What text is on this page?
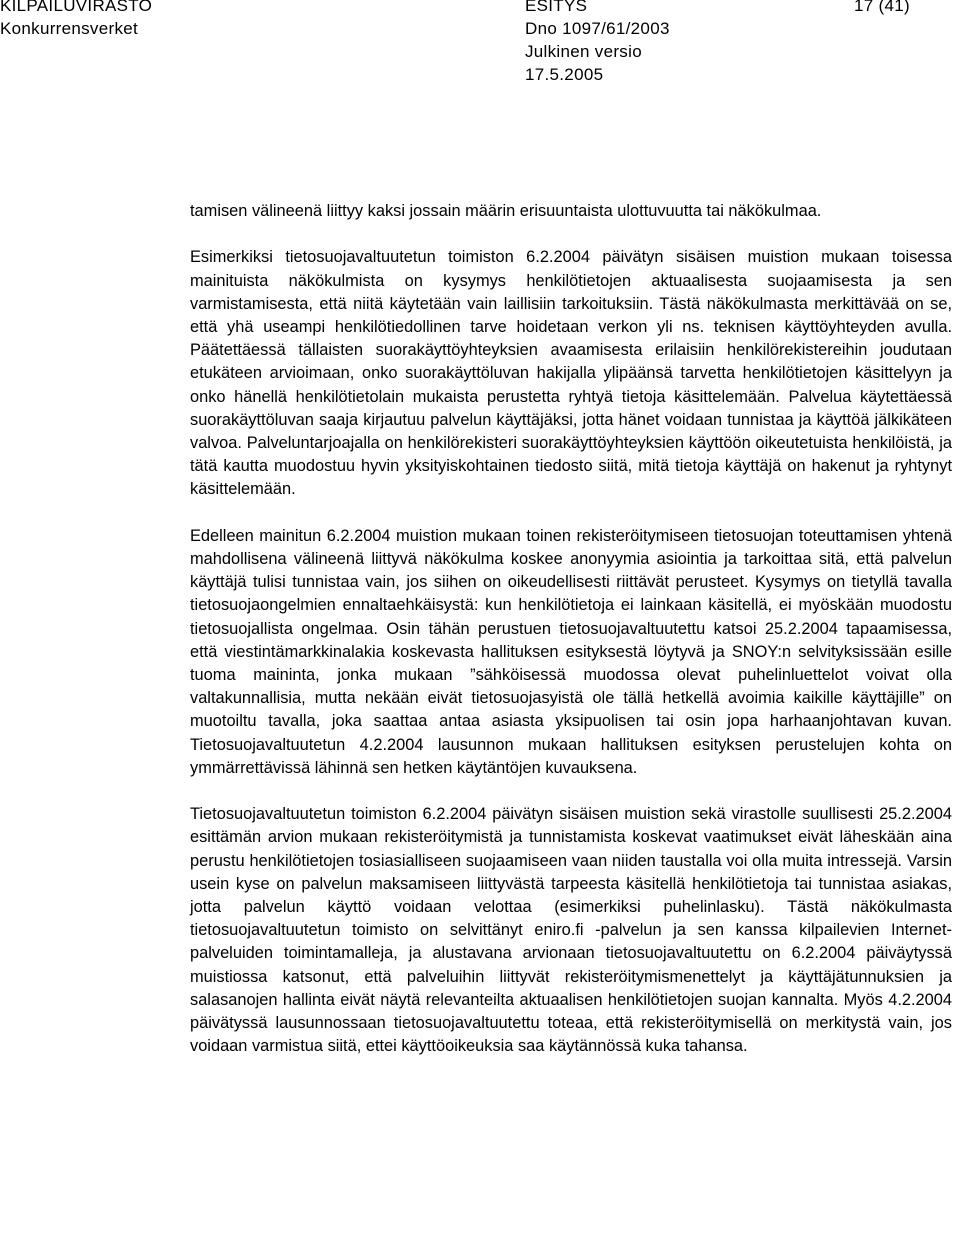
KILPAILUVIRASTO
Konkurrensverket
ESITYS
Dno 1097/61/2003
Julkinen versio
17.5.2005
17 (41)

tamisen välineenä liittyy kaksi jossain määrin erisuuntaista ulottuvuutta tai näkökulmaa.

Esimerkiksi tietosuojavaltuutetun toimiston 6.2.2004 päivätyn sisäisen muistion mukaan toisessa mainituista näkökulmista on kysymys henkilötietojen aktuaalisesta suojaamisesta ja sen varmistamisesta, että niitä käytetään vain laillisiin tarkoituksiin. Tästä näkökulmasta merkittävää on se, että yhä useampi henkilötiedollinen tarve hoidetaan verkon yli ns. teknisen käyttöyhteyden avulla. Päätettäessä tällaisten suorakäyttöyhteyksien avaamisesta erilaisiin henkilörekistereihin joudutaan etukäteen arvioimaan, onko suorakäyttöluvan hakijalla ylipäänsä tarvetta henkilötietojen käsittelyyn ja onko hänellä henkilötietolain mukaista perustetta ryhtyä tietoja käsittelemään. Palvelua käytettäessä suorakäyttöluvan saaja kirjautuu palvelun käyttäjäksi, jotta hänet voidaan tunnistaa ja käyttöä jälkikäteen valvoa. Palveluntarjoajalla on henkilörekisteri suorakäyttöyhteyksien käyttöön oikeutetuista henkilöistä, ja tätä kautta muodostuu hyvin yksityiskohtainen tiedosto siitä, mitä tietoja käyttäjä on hakenut ja ryhtynyt käsittelemään.

Edelleen mainitun 6.2.2004 muistion mukaan toinen rekisteröitymiseen tietosuojan toteuttamisen yhtenä mahdollisena välineenä liittyvä näkökulma koskee anonyymia asiointia ja tarkoittaa sitä, että palvelun käyttäjä tulisi tunnistaa vain, jos siihen on oikeudellisesti riittävät perusteet. Kysymys on tietyllä tavalla tietosuojaongelmien ennaltaehkäisystä: kun henkilötietoja ei lainkaan käsitellä, ei myöskään muodostu tietosuojallista ongelmaa. Osin tähän perustuen tietosuojavaltuutettu katsoi 25.2.2004 tapaamisessa, että viestintämarkkinalakia koskevasta hallituksen esityksestä löytyvä ja SNOY:n selvityksissään esille tuoma maininta, jonka mukaan ”sähköisessä muodossa olevat puhelinluettelot voivat olla valtakunnallisia, mutta nekään eivät tietosuojasyistä ole tällä hetkellä avoimia kaikille käyttäjille” on muotoiltu tavalla, joka saattaa antaa asiasta yksipuolisen tai osin jopa harhaanjohtavan kuvan. Tietosuojavaltuutetun 4.2.2004 lausunnon mukaan hallituksen esityksen perustelujen kohta on ymmärrettävissä lähinnä sen hetken käytäntöjen kuvauksena.

Tietosuojavaltuutetun toimiston 6.2.2004 päivätyn sisäisen muistion sekä virastolle suullisesti 25.2.2004 esittämän arvion mukaan rekisteröitymistä ja tunnistamista koskevat vaatimukset eivät läheskään aina perustu henkilötietojen tosiasialliseen suojaamiseen vaan niiden taustalla voi olla muita intressejä. Varsin usein kyse on palvelun maksamiseen liittyvästä tarpeesta käsitellä henkilötietoja tai tunnistaa asiakas, jotta palvelun käyttö voidaan velottaa (esimerkiksi puhelinlasku). Tästä näkökulmasta tietosuojavaltuutetun toimisto on selvittänyt eniro.fi -palvelun ja sen kanssa kilpailevien Internet-palveluiden toimintamalleja, ja alustavana arvionaan tietosuojavaltuutettu on 6.2.2004 päiväytyssä muistiossa katsonut, että palveluihin liittyvät rekisteröitymismenettelyt ja käyttäjätunnuksien ja salasanojen hallinta eivät näytä relevanteilta aktuaalisen henkilötietojen suojan kannalta. Myös 4.2.2004 päivätyssä lausunnossaan tietosuojavaltuutettu toteaa, että rekisteröitymisellä on merkitystä vain, jos voidaan varmistua siitä, ettei käyttöoikeuksia saa käytännössä kuka tahansa.
